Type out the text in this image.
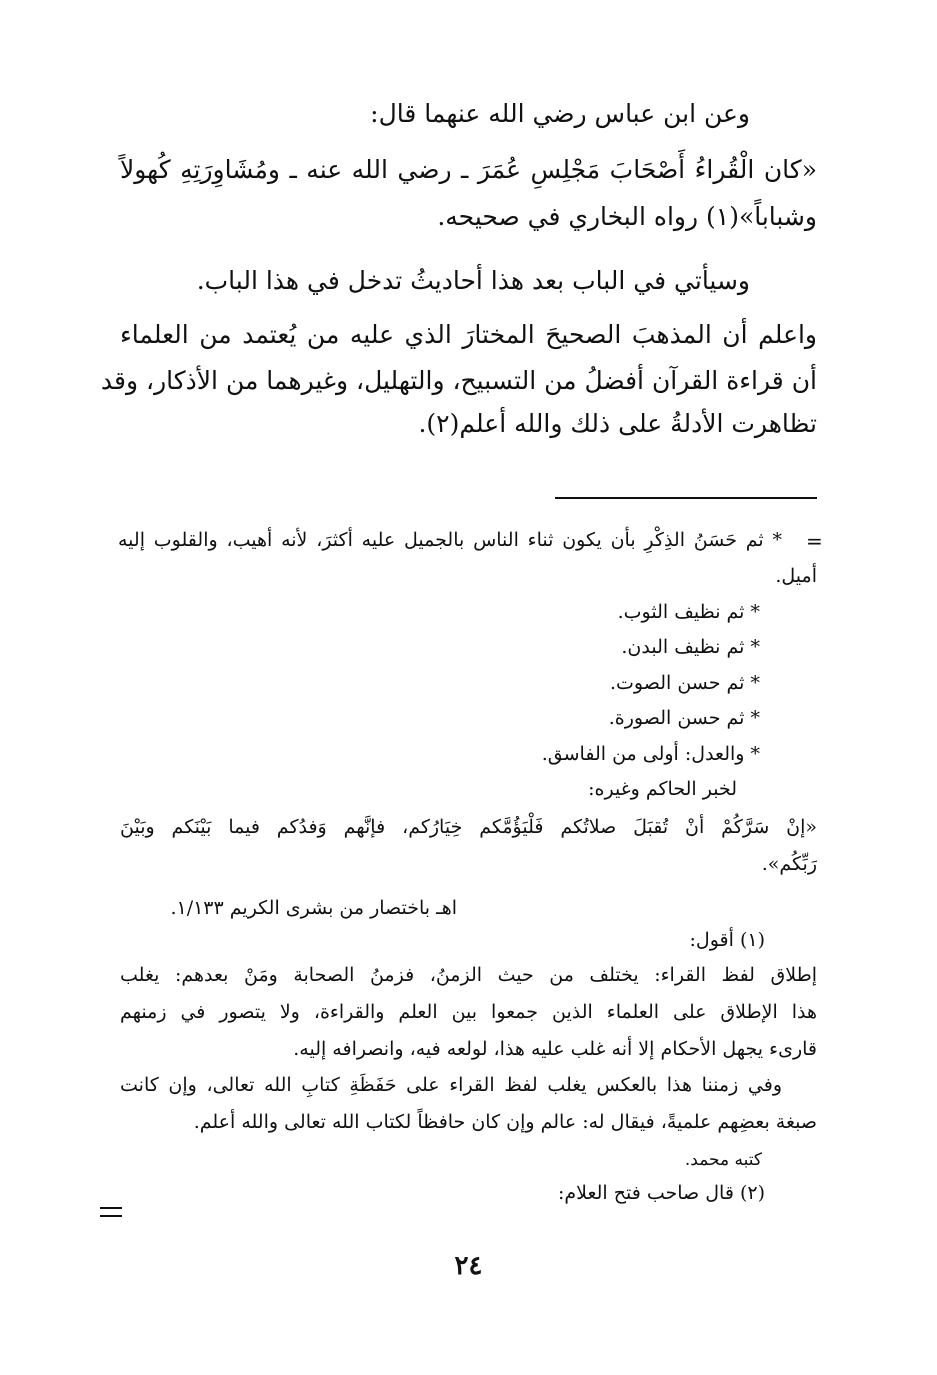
وعن ابن عباس رضي الله عنهما قال:
«كان الْقُراءُ أَصْحَابَ مَجْلِسِ عُمَرَ ـ رضي الله عنه ـ ومُشَاوِرَتِهِ كُهولاً
وشباباً»(١) رواه البخاري في صحيحه.
وسيأتي في الباب بعد هذا أحاديثُ تدخل في هذا الباب.
واعلم أن المذهبَ الصحيحَ المختارَ الذي عليه من يُعتمد من العلماء
أن قراءة القرآن أفضلُ من التسبيح، والتهليل، وغيرهما من الأذكار، وقد
تظاهرت الأدلةُ على ذلك والله أعلم(٢).
=
* ثم حَسَنُ الذِكْرِ بأن يكون ثناء الناس بالجميل عليه أكثرَ، لأنه أهيب، والقلوب إليه
أميل.
* ثم نظيف الثوب.
* ثم نظيف البدن.
* ثم حسن الصوت.
* ثم حسن الصورة.
* والعدل: أولى من الفاسق.
لخبر الحاكم وغيره:
«إنْ سَرَّكُمْ أنْ تُقبَلَ صلاتُكم فَلْيَؤُمَّكم خِيَارُكم، فإنَّهم وَفدُكم فيما بَيْنَكم وبَيْنَ
رَبِّكُم».
اهـ باختصار من بشرى الكريم ١/١٣٣.
(١) أقول:
إطلاق لفظ القراء: يختلف من حيث الزمنُ، فزمنُ الصحابة ومَنْ بعدهم: يغلب
هذا الإطلاق على العلماء الذين جمعوا بين العلم والقراءة، ولا يتصور في زمنهم
قارىء يجهل الأحكام إلا أنه غلب عليه هذا، لولعه فيه، وانصرافه إليه.
وفي زمننا هذا بالعكس يغلب لفظ القراء على حَفَظَةِ كتابِ الله تعالى، وإن كانت
صبغة بعضِهم علميةً، فيقال له: عالم وإن كان حافظاً لكتاب الله تعالى والله أعلم.
كتبه محمد.
(٢) قال صاحب فتح العلام:
٢٤
